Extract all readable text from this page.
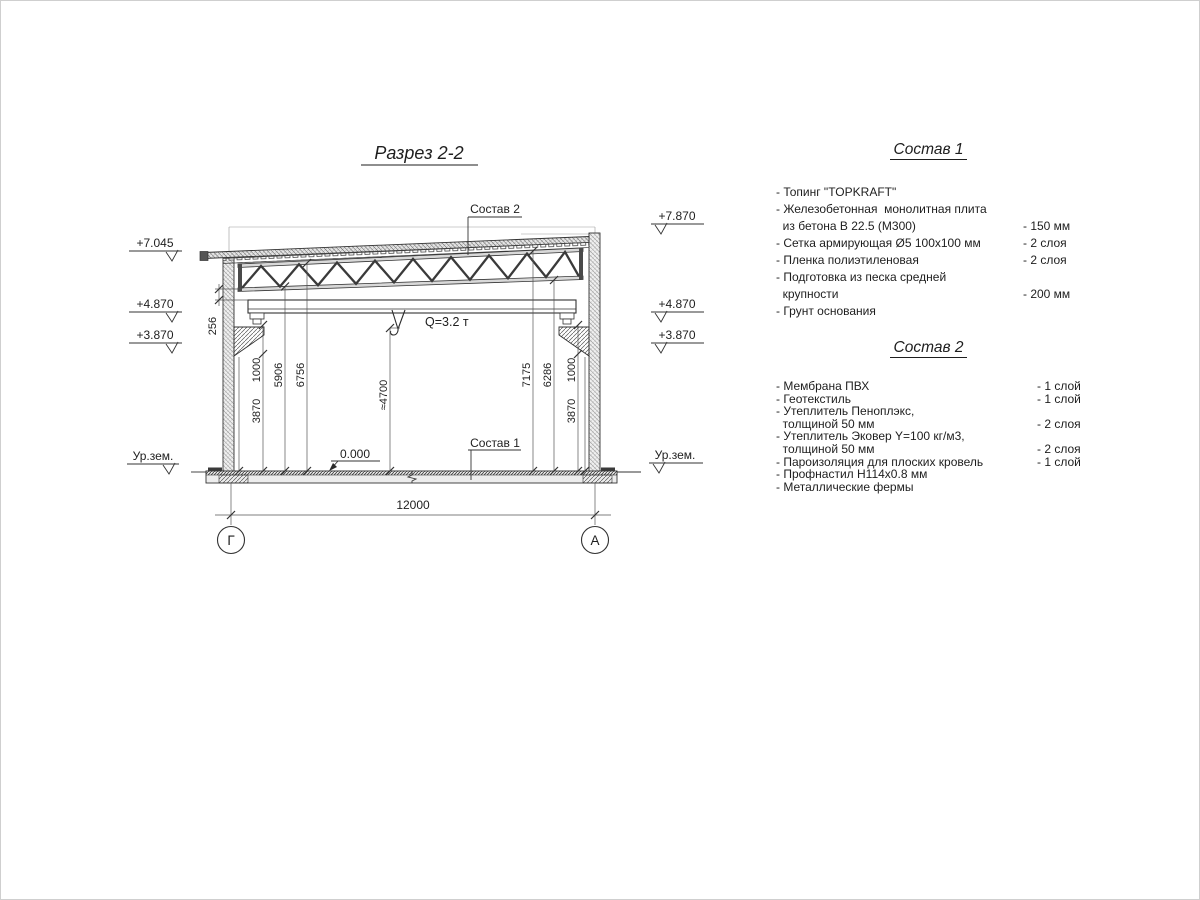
Разрез 2-2
Q=3.2 т
1000
3870
5906 6756
≈4700
7175 6286 1000
3870
256
12000
Г	А
+7.045
+4.870
+3.870
Ур.зем.
+7.870
+4.870
+3.870
Ур.зем.
Состав 2
Состав 1
0.000
Состав 1
- Топинг "TOPKRAFT"
- Железобетонная  монолитная плита
из бетона В 22.5 (М300)	- 150 мм
- Сетка армирующая Ø5 100х100 мм	- 2 слоя
- Пленка полиэтиленовая	- 2 слоя
- Подготовка из песка средней
крупности	- 200 мм
- Грунт основания
Состав 2
- Мембрана ПВХ	- 1 слой
- Геотекстиль	- 1 слой
- Утеплитель Пеноплэкс,
толщиной 50 мм	- 2 слоя
- Утеплитель Эковер Y=100 кг/м3,
толщиной 50 мм	- 2 слоя
- Пароизоляция для плоских кровель	- 1 слой
- Профнастил Н114х0.8 мм
- Металлические фермы
